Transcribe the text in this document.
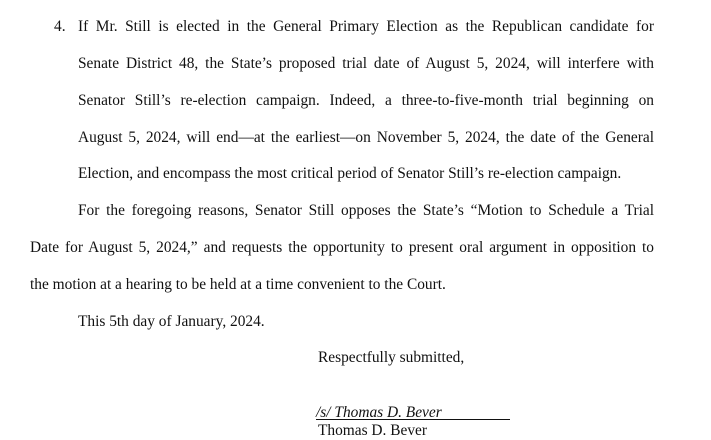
4. If Mr. Still is elected in the General Primary Election as the Republican candidate for
Senate District 48, the State’s proposed trial date of August 5, 2024, will interfere with
Senator Still’s re-election campaign. Indeed, a three-to-five-month trial beginning on
August 5, 2024, will end—at the earliest—on November 5, 2024, the date of the General
Election, and encompass the most critical period of Senator Still’s re-election campaign.
For the foregoing reasons, Senator Still opposes the State’s “Motion to Schedule a Trial
Date for August 5, 2024,” and requests the opportunity to present oral argument in opposition to
the motion at a hearing to be held at a time convenient to the Court.
This 5th day of January, 2024.
Respectfully submitted,
/s/ Thomas D. Bever
Thomas D. Bever
